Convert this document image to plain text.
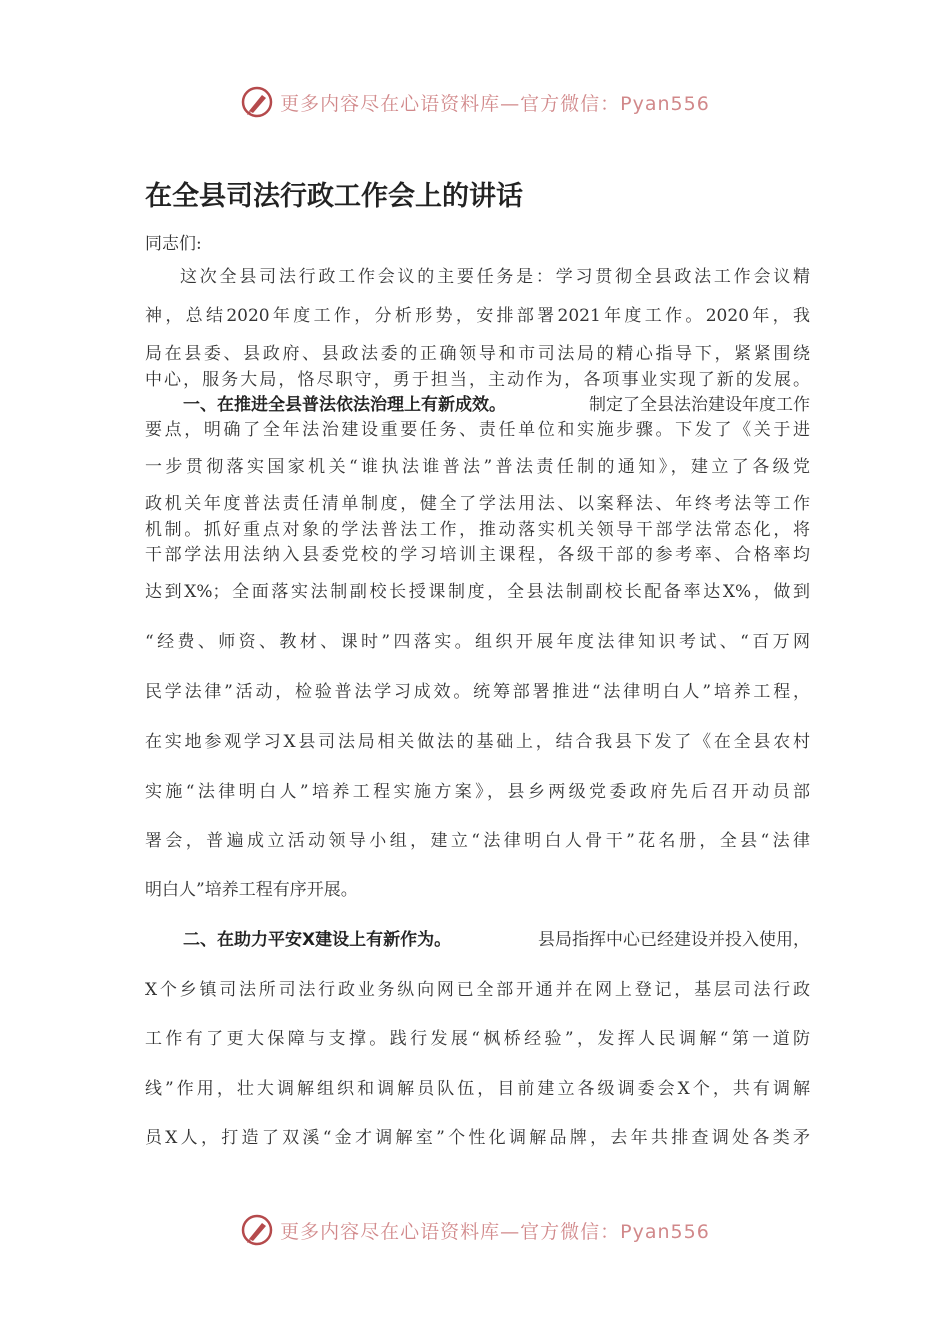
更多内容尽在心语资料库—官方微信：Pyan556
在全县司法行政工作会上的讲话
同志们:
这次全县司法行政工作会议的主要任务是：学习贯彻全县政法工作会议精
神，总结2020年度工作，分析形势，安排部署2021年度工作。2020年，我
局在县委、县政府、县政法委的正确领导和市司法局的精心指导下，紧紧围绕
中心，服务大局，恪尽职守，勇于担当，主动作为，各项事业实现了新的发展。
一、在推进全县普法依法治理上有新成效。	制定了全县法治建设年度工作
要点，明确了全年法治建设重要任务、责任单位和实施步骤。下发了《关于进
一步贯彻落实国家机关“谁执法谁普法”普法责任制的通知》，建立了各级党
政机关年度普法责任清单制度，健全了学法用法、以案释法、年终考法等工作
机制。抓好重点对象的学法普法工作，推动落实机关领导干部学法常态化，将
干部学法用法纳入县委党校的学习培训主课程，各级干部的参考率、合格率均
达到X%；全面落实法制副校长授课制度，全县法制副校长配备率达X%，做到
“经费、师资、教材、课时”四落实。组织开展年度法律知识考试、“百万网
民学法律”活动，检验普法学习成效。统筹部署推进“法律明白人”培养工程，
在实地参观学习X县司法局相关做法的基础上，结合我县下发了《在全县农村
实施“法律明白人”培养工程实施方案》，县乡两级党委政府先后召开动员部
署会，普遍成立活动领导小组，建立“法律明白人骨干”花名册，全县“法律
明白人”培养工程有序开展。
二、在助力平安X建设上有新作为。	县局指挥中心已经建设并投入使用，
X个乡镇司法所司法行政业务纵向网已全部开通并在网上登记，基层司法行政
工作有了更大保障与支撑。践行发展“枫桥经验”，发挥人民调解“第一道防
线”作用，壮大调解组织和调解员队伍，目前建立各级调委会X个，共有调解
员X人，打造了双溪“金才调解室”个性化调解品牌，去年共排查调处各类矛
更多内容尽在心语资料库—官方微信：Pyan556
